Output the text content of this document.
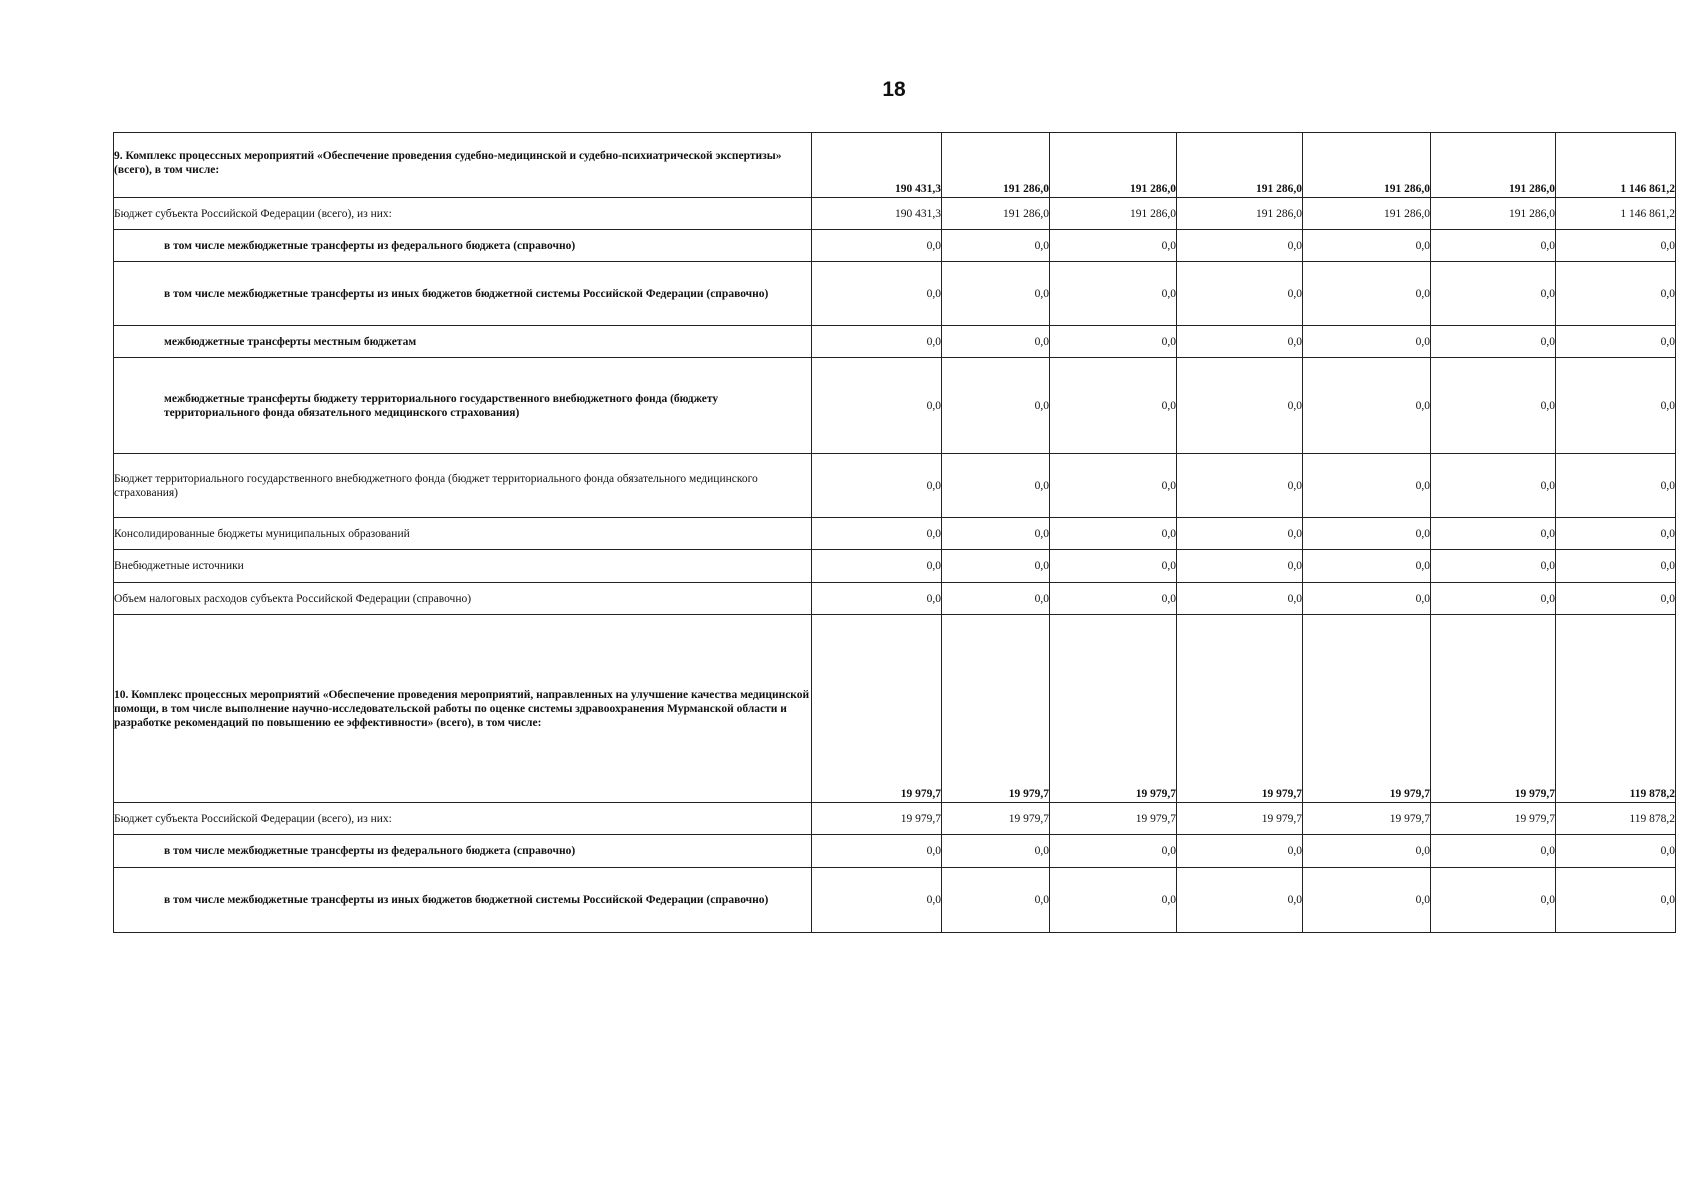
18
9. Комплекс процессных мероприятий «Обеспечение проведения судебно-медицинской и судебно-психиатрической экспертизы» (всего), в том числе:	190 431,3	191 286,0	191 286,0	191 286,0	191 286,0	191 286,0	1 146 861,2
Бюджет субъекта Российской Федерации (всего), из них:	190 431,3	191 286,0	191 286,0	191 286,0	191 286,0	191 286,0	1 146 861,2
в том числе межбюджетные трансферты из федерального бюджета (справочно)	0,0	0,0	0,0	0,0	0,0	0,0	0,0
в том числе межбюджетные трансферты из иных бюджетов бюджетной системы Российской Федерации (справочно)	0,0	0,0	0,0	0,0	0,0	0,0	0,0
межбюджетные трансферты местным бюджетам	0,0	0,0	0,0	0,0	0,0	0,0	0,0
межбюджетные трансферты бюджету территориального государственного внебюджетного фонда (бюджету территориального фонда обязательного медицинского страхования)	0,0	0,0	0,0	0,0	0,0	0,0	0,0
Бюджет территориального государственного внебюджетного фонда (бюджет территориального фонда обязательного медицинского страхования)	0,0	0,0	0,0	0,0	0,0	0,0	0,0
Консолидированные бюджеты муниципальных образований	0,0	0,0	0,0	0,0	0,0	0,0	0,0
Внебюджетные источники	0,0	0,0	0,0	0,0	0,0	0,0	0,0
Объем налоговых расходов субъекта Российской Федерации (справочно)	0,0	0,0	0,0	0,0	0,0	0,0	0,0
10. Комплекс процессных мероприятий «Обеспечение проведения мероприятий, направленных на улучшение качества медицинской помощи, в том числе выполнение научно-исследовательской работы по оценке системы здравоохранения Мурманской области и разработке рекомендаций по повышению ее эффективности» (всего), в том числе:	19 979,7	19 979,7	19 979,7	19 979,7	19 979,7	19 979,7	119 878,2
Бюджет субъекта Российской Федерации (всего), из них:	19 979,7	19 979,7	19 979,7	19 979,7	19 979,7	19 979,7	119 878,2
в том числе межбюджетные трансферты из федерального бюджета (справочно)	0,0	0,0	0,0	0,0	0,0	0,0	0,0
в том числе межбюджетные трансферты из иных бюджетов бюджетной системы Российской Федерации (справочно)	0,0	0,0	0,0	0,0	0,0	0,0	0,0
